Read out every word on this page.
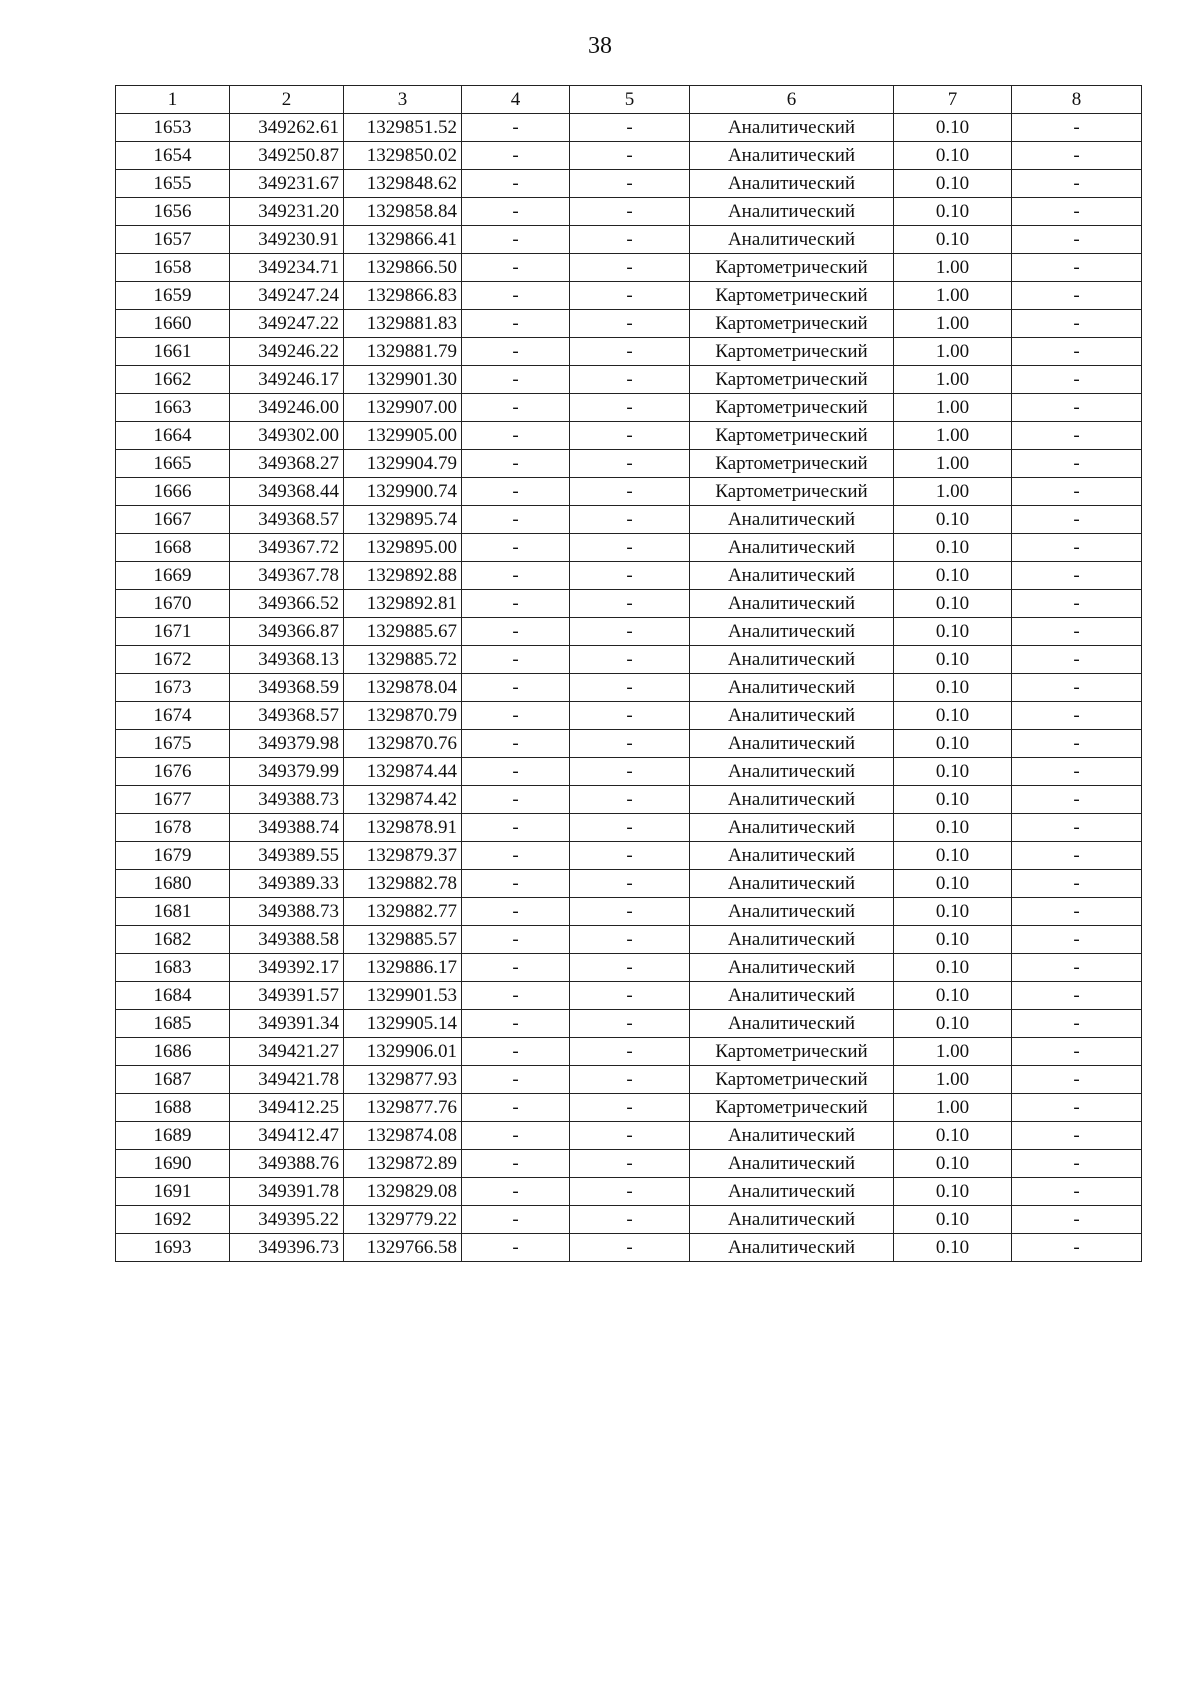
38
1	2	3	4	5	6	7	8
1653	349262.61	1329851.52	-	-	Аналитический	0.10	-
1654	349250.87	1329850.02	-	-	Аналитический	0.10	-
1655	349231.67	1329848.62	-	-	Аналитический	0.10	-
1656	349231.20	1329858.84	-	-	Аналитический	0.10	-
1657	349230.91	1329866.41	-	-	Аналитический	0.10	-
1658	349234.71	1329866.50	-	-	Картометрический	1.00	-
1659	349247.24	1329866.83	-	-	Картометрический	1.00	-
1660	349247.22	1329881.83	-	-	Картометрический	1.00	-
1661	349246.22	1329881.79	-	-	Картометрический	1.00	-
1662	349246.17	1329901.30	-	-	Картометрический	1.00	-
1663	349246.00	1329907.00	-	-	Картометрический	1.00	-
1664	349302.00	1329905.00	-	-	Картометрический	1.00	-
1665	349368.27	1329904.79	-	-	Картометрический	1.00	-
1666	349368.44	1329900.74	-	-	Картометрический	1.00	-
1667	349368.57	1329895.74	-	-	Аналитический	0.10	-
1668	349367.72	1329895.00	-	-	Аналитический	0.10	-
1669	349367.78	1329892.88	-	-	Аналитический	0.10	-
1670	349366.52	1329892.81	-	-	Аналитический	0.10	-
1671	349366.87	1329885.67	-	-	Аналитический	0.10	-
1672	349368.13	1329885.72	-	-	Аналитический	0.10	-
1673	349368.59	1329878.04	-	-	Аналитический	0.10	-
1674	349368.57	1329870.79	-	-	Аналитический	0.10	-
1675	349379.98	1329870.76	-	-	Аналитический	0.10	-
1676	349379.99	1329874.44	-	-	Аналитический	0.10	-
1677	349388.73	1329874.42	-	-	Аналитический	0.10	-
1678	349388.74	1329878.91	-	-	Аналитический	0.10	-
1679	349389.55	1329879.37	-	-	Аналитический	0.10	-
1680	349389.33	1329882.78	-	-	Аналитический	0.10	-
1681	349388.73	1329882.77	-	-	Аналитический	0.10	-
1682	349388.58	1329885.57	-	-	Аналитический	0.10	-
1683	349392.17	1329886.17	-	-	Аналитический	0.10	-
1684	349391.57	1329901.53	-	-	Аналитический	0.10	-
1685	349391.34	1329905.14	-	-	Аналитический	0.10	-
1686	349421.27	1329906.01	-	-	Картометрический	1.00	-
1687	349421.78	1329877.93	-	-	Картометрический	1.00	-
1688	349412.25	1329877.76	-	-	Картометрический	1.00	-
1689	349412.47	1329874.08	-	-	Аналитический	0.10	-
1690	349388.76	1329872.89	-	-	Аналитический	0.10	-
1691	349391.78	1329829.08	-	-	Аналитический	0.10	-
1692	349395.22	1329779.22	-	-	Аналитический	0.10	-
1693	349396.73	1329766.58	-	-	Аналитический	0.10	-
